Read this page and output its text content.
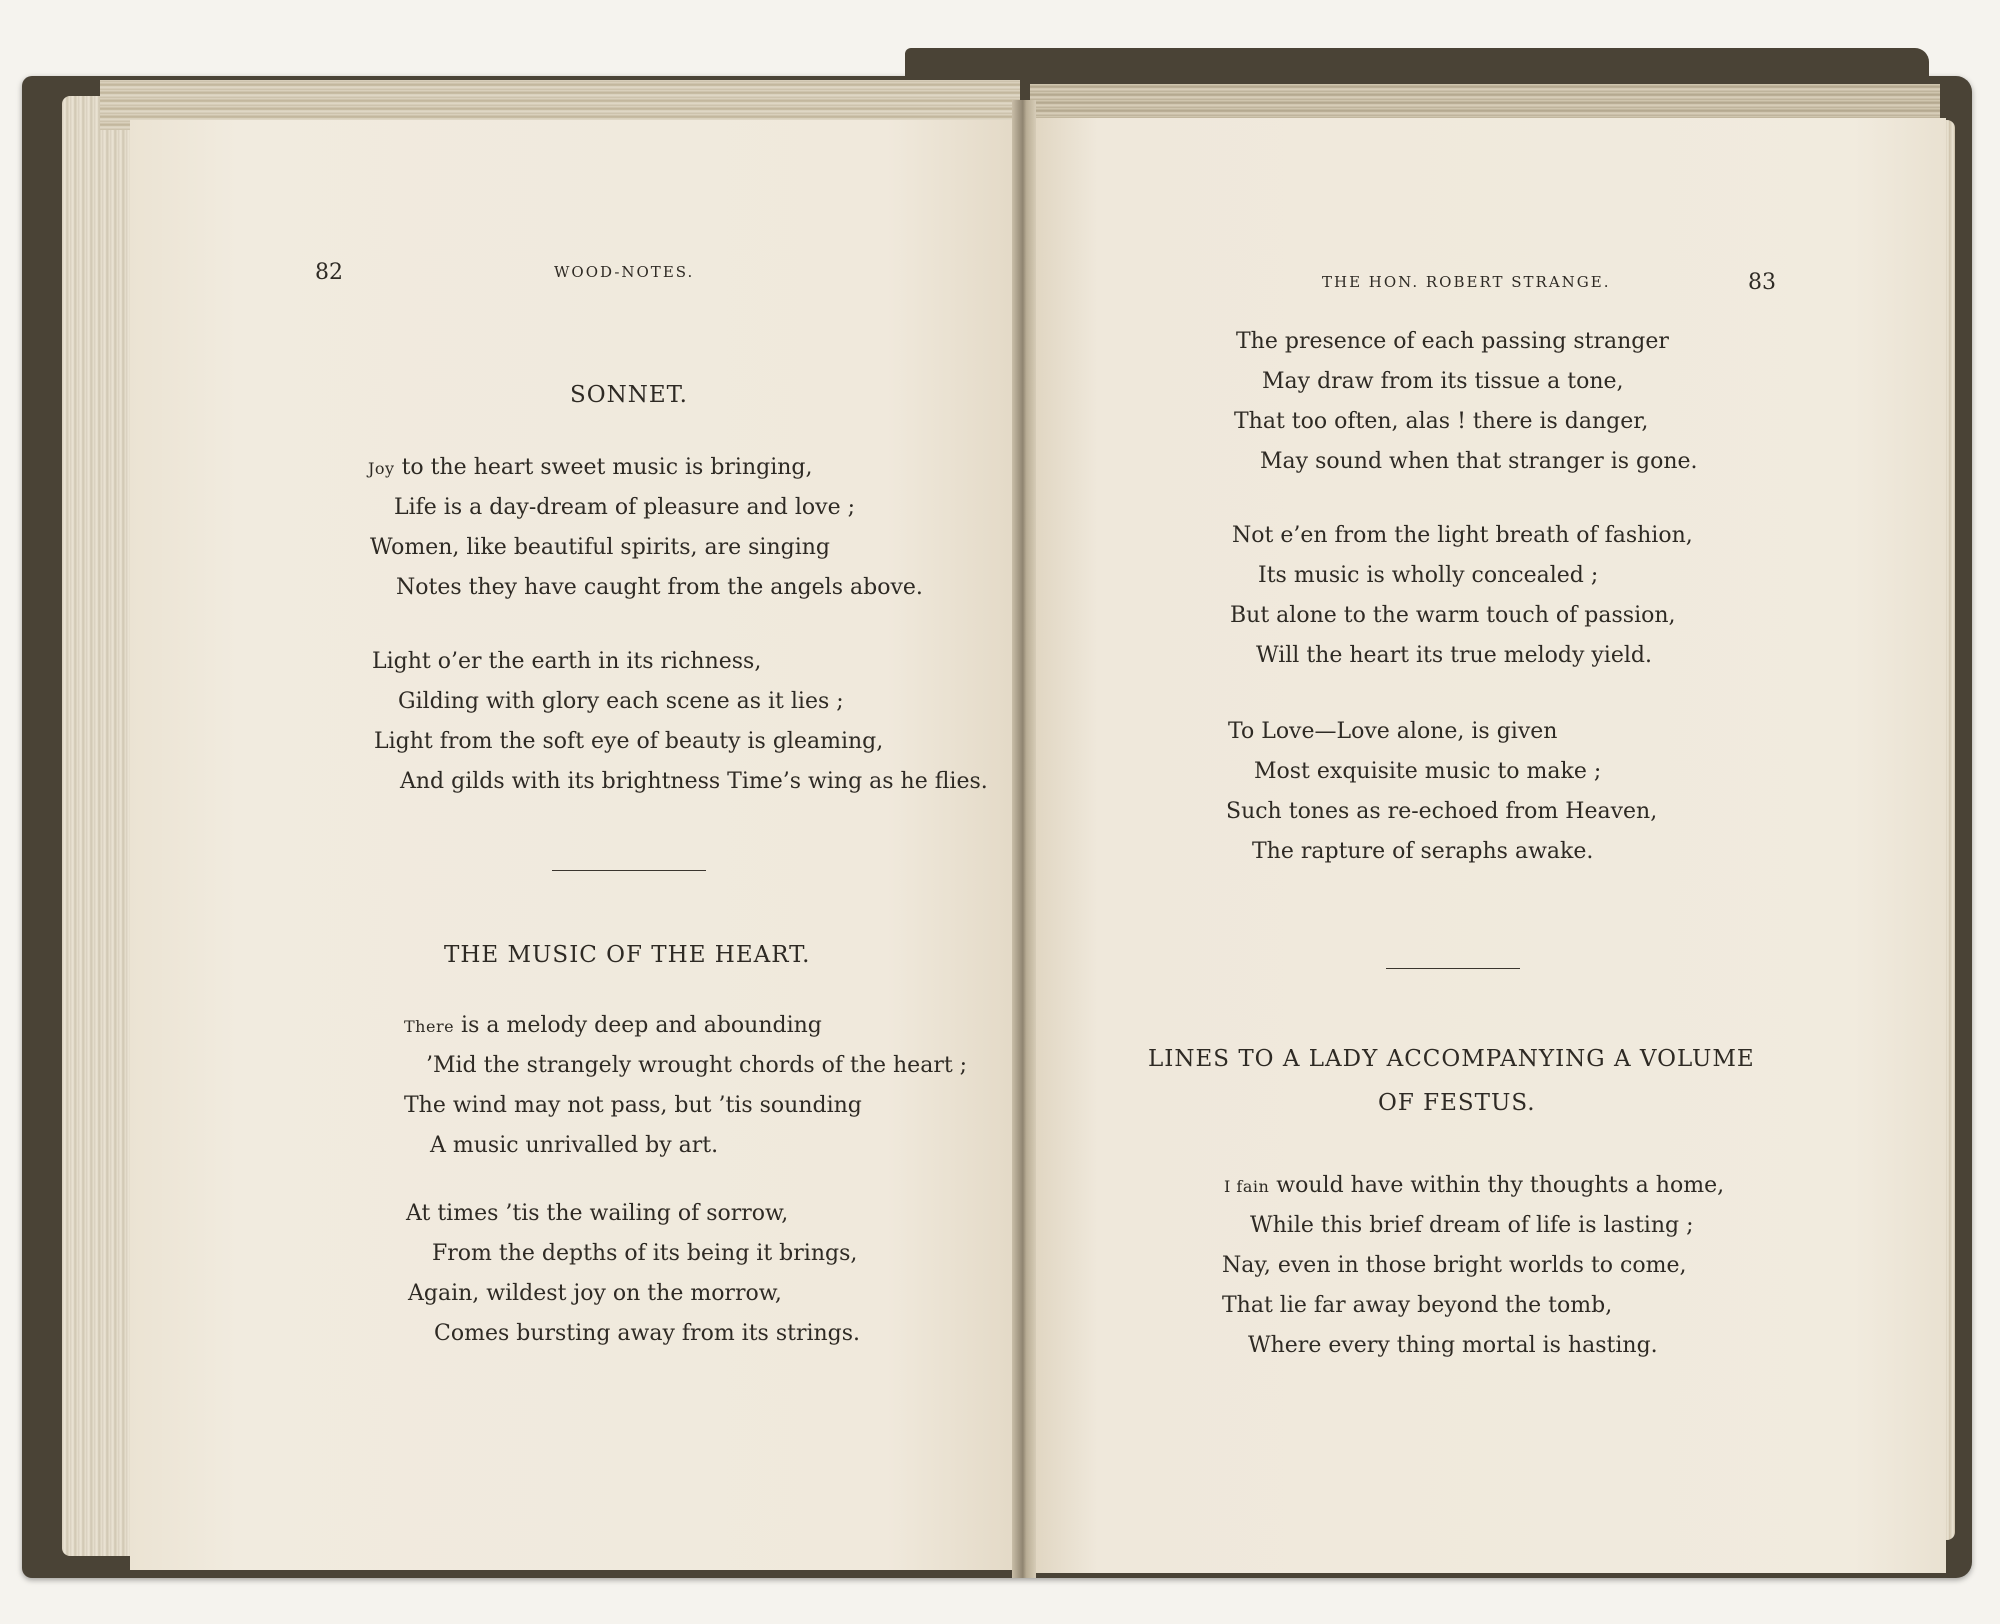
82	WOOD-NOTES.
SONNET.
Joy to the heart sweet music is bringing,
Life is a day-dream of pleasure and love ;
Women, like beautiful spirits, are singing
Notes they have caught from the angels above.
Light o’er the earth in its richness,
Gilding with glory each scene as it lies ;
Light from the soft eye of beauty is gleaming,
And gilds with its brightness Time’s wing as he flies.
THE MUSIC OF THE HEART.
There is a melody deep and abounding
’Mid the strangely wrought chords of the heart ;
The wind may not pass, but ’tis sounding
A music unrivalled by art.
At times ’tis the wailing of sorrow,
From the depths of its being it brings,
Again, wildest joy on the morrow,
Comes bursting away from its strings.
THE HON. ROBERT STRANGE.	83
The presence of each passing stranger
May draw from its tissue a tone,
That too often, alas ! there is danger,
May sound when that stranger is gone.
Not e’en from the light breath of fashion,
Its music is wholly concealed ;
But alone to the warm touch of passion,
Will the heart its true melody yield.
To Love—Love alone, is given
Most exquisite music to make ;
Such tones as re-echoed from Heaven,
The rapture of seraphs awake.
LINES TO A LADY ACCOMPANYING A VOLUME
OF FESTUS.
I fain would have within thy thoughts a home,
While this brief dream of life is lasting ;
Nay, even in those bright worlds to come,
That lie far away beyond the tomb,
Where every thing mortal is hasting.
